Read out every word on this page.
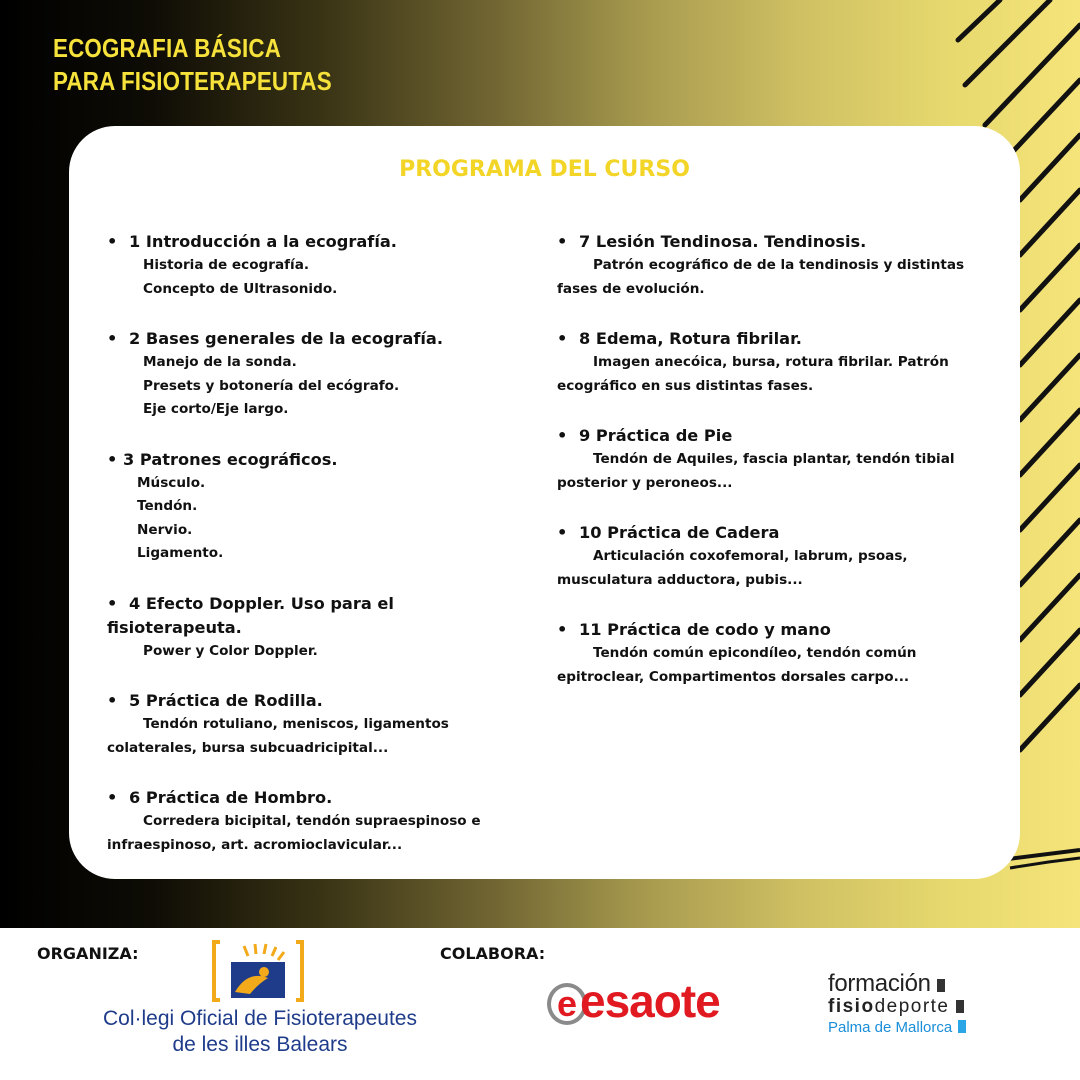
ECOGRAFIA BÁSICA
PARA FISIOTERAPEUTAS
PROGRAMA DEL CURSO
• 1 Introducción a la ecografía.
Historia de ecografía.
Concepto de Ultrasonido.
• 2 Bases generales de la ecografía.
Manejo de la sonda.
Presets y botonería del ecógrafo.
Eje corto/Eje largo.
• 3 Patrones ecográficos.
Músculo.
Tendón.
Nervio.
Ligamento.
• 4 Efecto Doppler. Uso para el
fisioterapeuta.
Power y Color Doppler.
• 5 Práctica de Rodilla.
Tendón rotuliano, meniscos, ligamentos colaterales, bursa subcuadricipital...
• 6 Práctica de Hombro.
Corredera bicipital, tendón supraespinoso e infraespinoso, art. acromioclavicular...
• 7 Lesión Tendinosa. Tendinosis.
Patrón ecográfico de de la tendinosis y distintas fases de evolución.
• 8 Edema, Rotura fibrilar.
Imagen anecóica, bursa, rotura fibrilar. Patrón ecográfico en sus distintas fases.
• 9 Práctica de Pie
Tendón de Aquiles, fascia plantar, tendón tibial posterior y peroneos...
• 10 Práctica de Cadera
Articulación coxofemoral, labrum, psoas, musculatura adductora, pubis...
• 11 Práctica de codo y mano
Tendón común epicondíleo, tendón común epitroclear, Compartimentos dorsales carpo...
ORGANIZA:	COLABORA:
Col·legi Oficial de Fisioterapeutes
de les illes Balears
e esaote	formación
fisiodeporte
Palma de Mallorca
